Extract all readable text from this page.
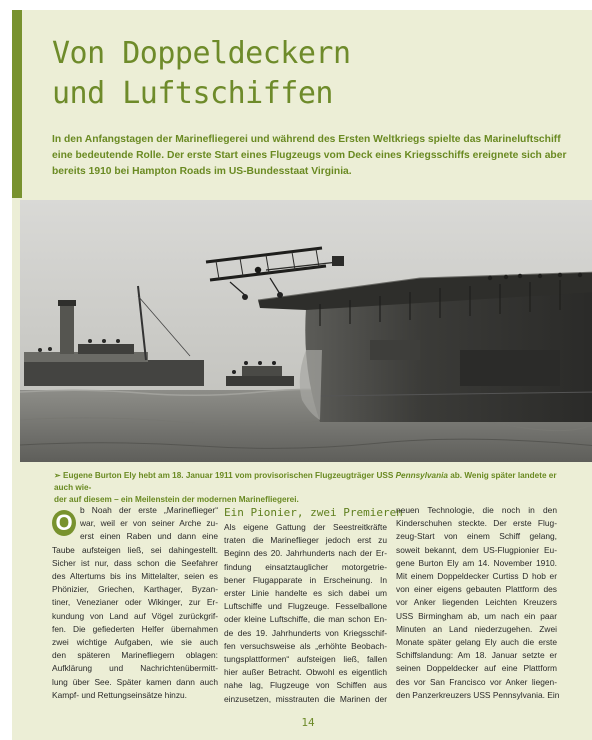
Von Doppeldeckern
und Luftschiffen
In den Anfangstagen der Marinefliegerei und während des Ersten Weltkriegs spielte das Marineluftschiff eine bedeutende Rolle. Der erste Start eines Flugzeugs vom Deck eines Kriegsschiffs ereignete sich aber bereits 1910 bei Hampton Roads im US-Bundesstaat Virginia.
➢ Eugene Burton Ely hebt am 18. Januar 1911 vom provisorischen Flugzeugträger USS Pennsylvania ab. Wenig später landete er auch wie-
der auf diesem – ein Meilenstein der modernen Marinefliegerei.
O b Noah der erste „Marineflieger“
war, weil er von seiner Arche zu-
erst einen Raben und dann eine
Taube aufsteigen ließ, sei dahingestellt.
Sicher ist nur, dass schon die Seefahrer
des Altertums bis ins Mittelalter, seien es
Phönizier, Griechen, Karthager, Byzan-
tiner, Venezianer oder Wikinger, zur Er-
kundung von Land auf Vögel zurückgrif-
fen. Die gefiederten Helfer übernahmen
zwei wichtige Aufgaben, wie sie auch
den späteren Marinefliegern oblagen:
Aufklärung und Nachrichtenübermitt-
lung über See. Später kamen dann auch
Kampf- und Rettungseinsätze hinzu.
Ein Pionier, zwei Premieren
Als eigene Gattung der Seestreitkräfte
traten die Marineflieger jedoch erst zu
Beginn des 20. Jahrhunderts nach der Er-
findung einsatztauglicher motorgetrie-
bener Flugapparate in Erscheinung. In
erster Linie handelte es sich dabei um
Luftschiffe und Flugzeuge. Fesselballone
oder kleine Luftschiffe, die man schon En-
de des 19. Jahrhunderts von Kriegsschif-
fen versuchsweise als „erhöhte Beobach-
tungsplattformen“ aufsteigen ließ, fallen
hier außer Betracht. Obwohl es eigentlich
nahe lag, Flugzeuge von Schiffen aus
einzusetzen, misstrauten die Marinen der
neuen Technologie, die noch in den
Kinderschuhen steckte. Der erste Flug-
zeug-Start von einem Schiff gelang,
soweit bekannt, dem US-Flugpionier Eu-
gene Burton Ely am 14. November 1910.
Mit einem Doppeldecker Curtiss D hob er
von einer eigens gebauten Plattform des
vor Anker liegenden Leichten Kreuzers
USS Birmingham ab, um nach ein paar
Minuten an Land niederzugehen. Zwei
Monate später gelang Ely auch die erste
Schiffslandung: Am 18. Januar setzte er
seinen Doppeldecker auf eine Plattform
des vor San Francisco vor Anker liegen-
den Panzerkreuzers USS Pennsylvania. Ein
14
